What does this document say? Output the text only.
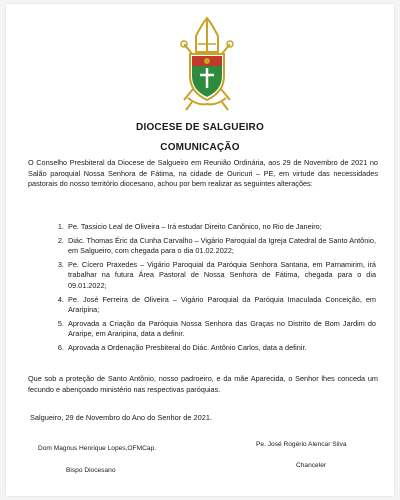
DIOCESE DE SALGUEIRO
COMUNICAÇÃO

O Conselho Presbiteral da Diocese de Salgueiro em Reunião Ordinária, aos 29 de Novembro de 2021 no Salão paroquial Nossa Senhora de Fátima, na cidade de Ouricuri – PE, em virtude das necessidades pastorais do nosso território diocesano, achou por bem realizar as seguintes alterações:

1. Pe. Tassicio Leal de Oliveira – Irá estudar Direito Canônico, no Rio de Janeiro;
2. Diác. Thomas Éric da Cunha Carvalho – Vigário Paroquial da Igreja Catedral de Santo Antônio, em Salgueiro, com chegada para o dia 01.02.2022;
3. Pe. Cícero Praxedes – Vigário Paroquial da Paróquia Senhora Santana, em Parnamirim, irá trabalhar na futura Área Pastoral de Nossa Senhora de Fátima, chegada para o dia 09.01.2022;
4. Pe. José Ferreira de Oliveira – Vigário Paroquial da Paróquia Imaculada Conceição, em Araripina;
5. Aprovada a Criação da Paróquia Nossa Senhora das Graças no Distrito de Bom Jardim do Araripe, em Araripina, data a definir.
6. Aprovada a Ordenação Presbiteral do Diác. Antônio Carlos, data a definir.

Que sob a proteção de Santo Antônio, nosso padroeiro, e da mãe Aparecida, o Senhor lhes conceda um fecundo e abençoado ministério nas respectivas paróquias.

Salgueiro, 29 de Novembro do Ano do Senhor de 2021.

Dom Magnus Henrique Lopes,OFMCap.
Bispo Diocesano
Pe. José Rogério Alencar Silva
Chanceler
